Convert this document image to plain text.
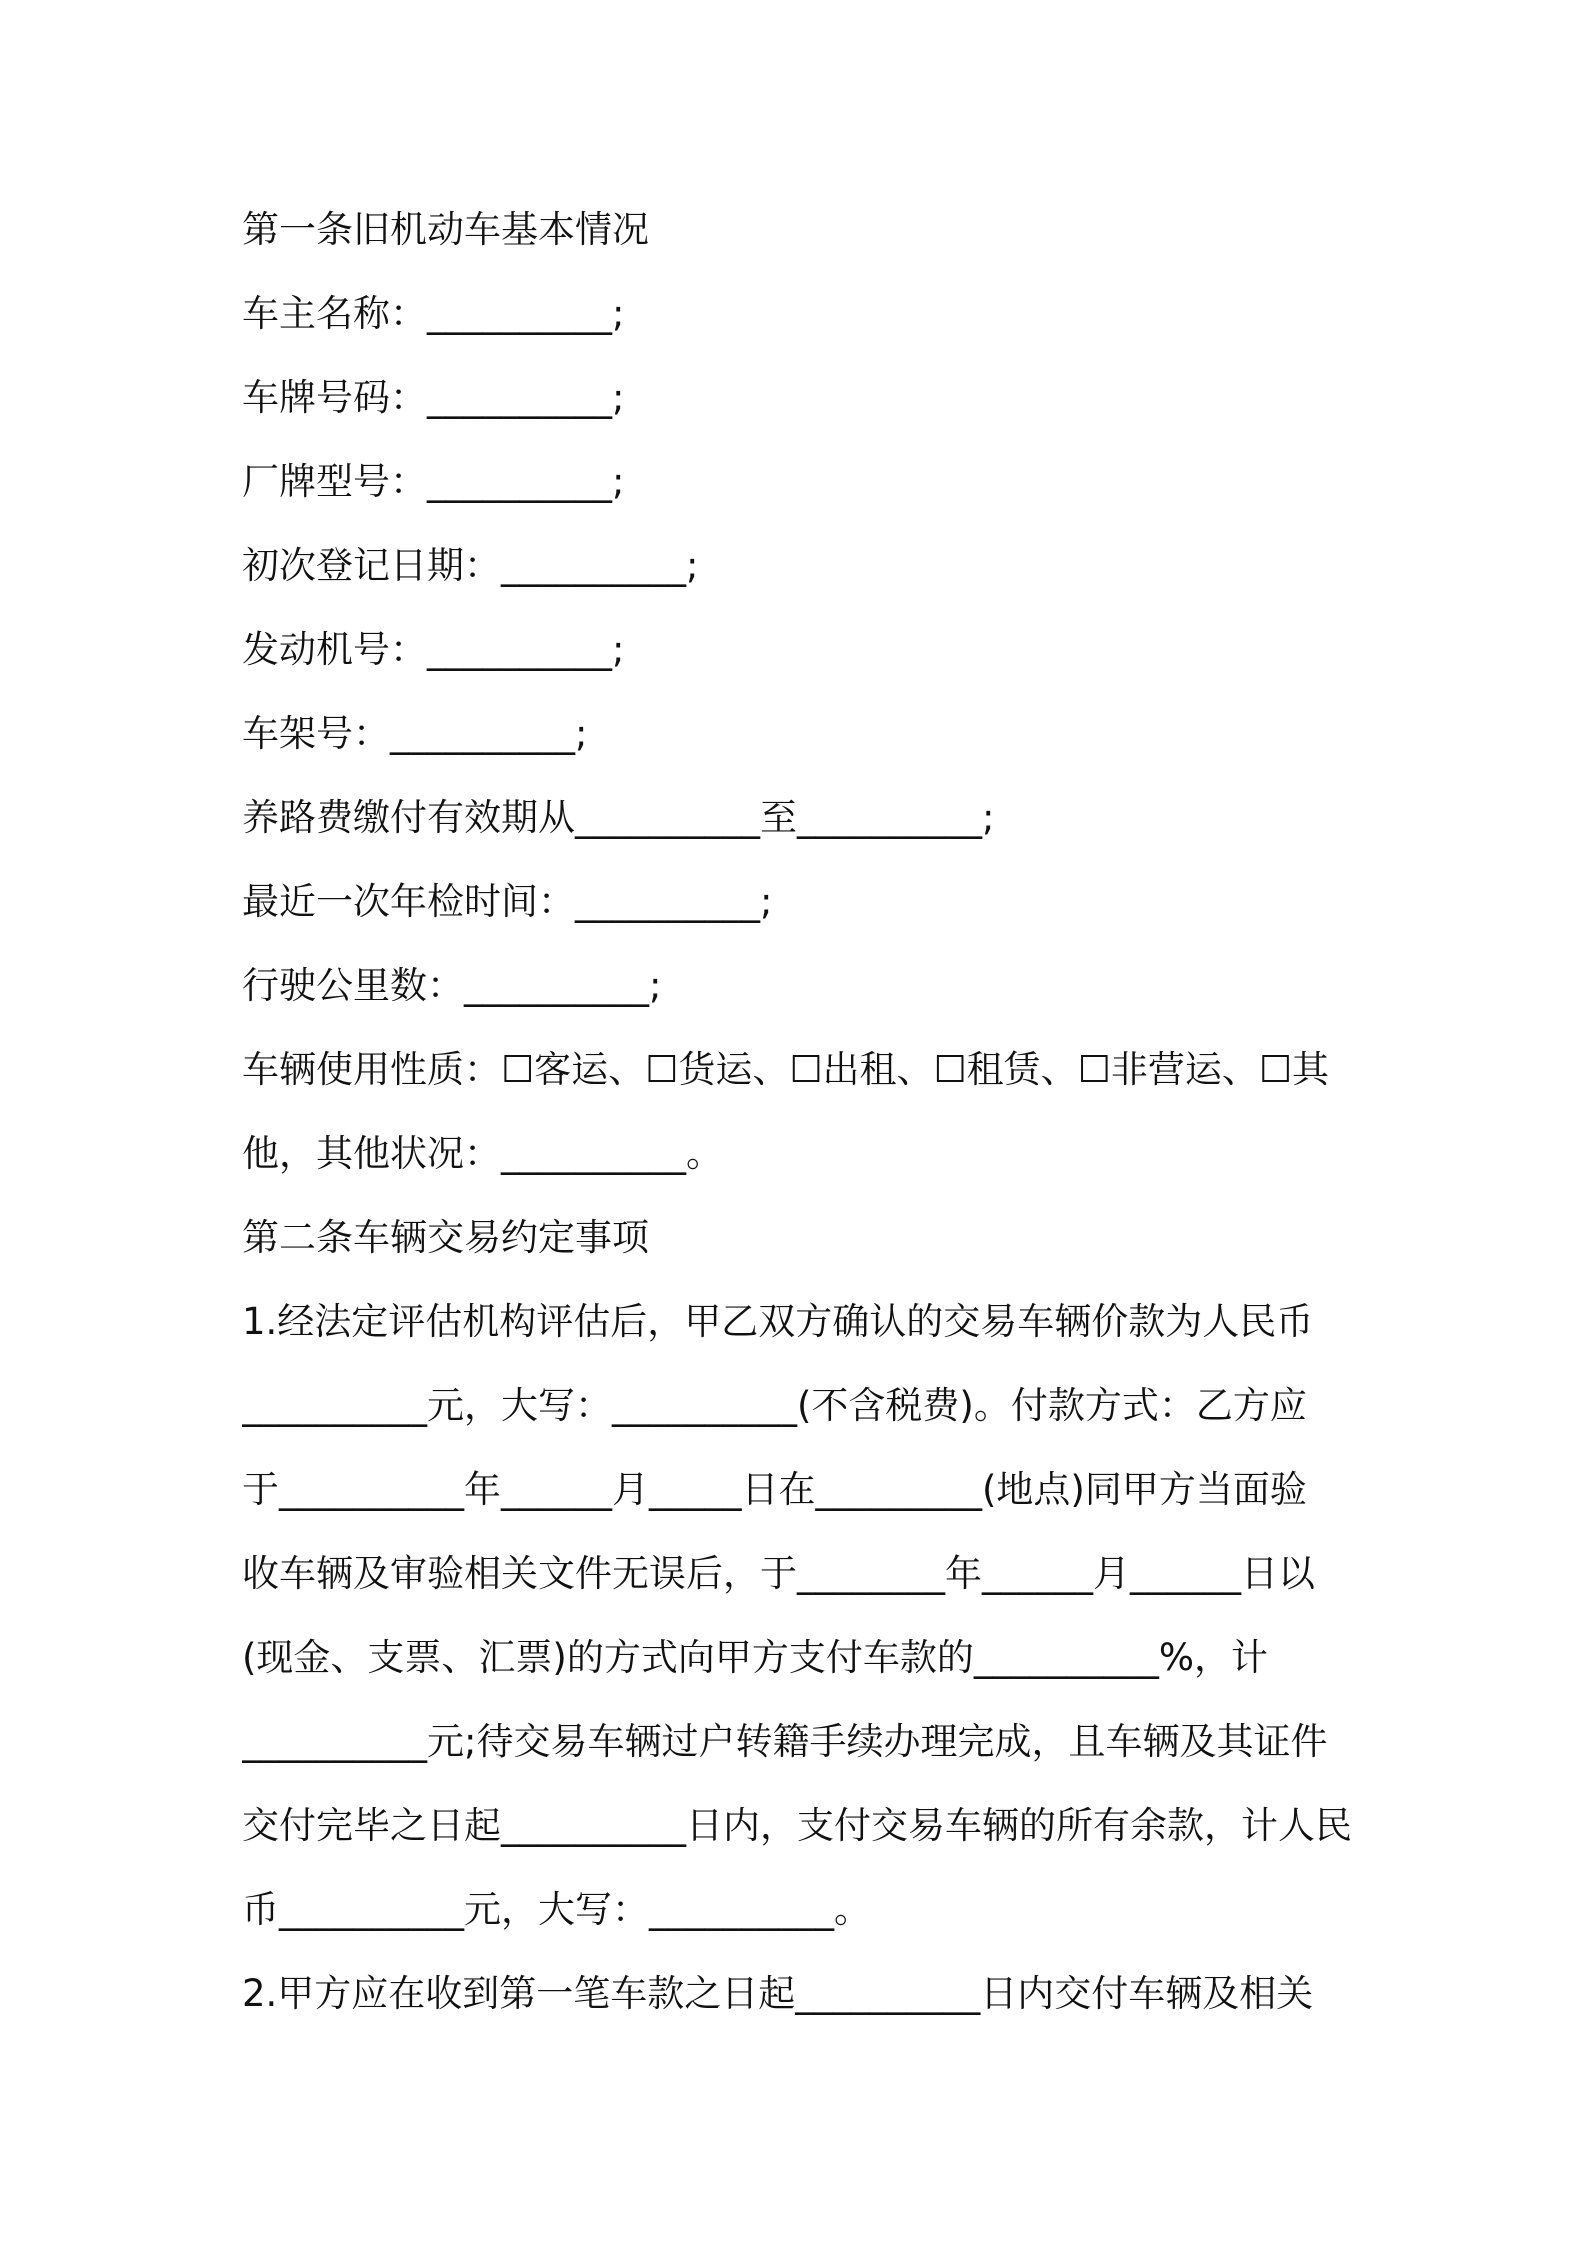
第一条旧机动车基本情况
车主名称：__________;
车牌号码：__________;
厂牌型号：__________;
初次登记日期：__________;
发动机号：__________;
车架号：__________;
养路费缴付有效期从__________至__________;
最近一次年检时间：__________;
行驶公里数：__________;
车辆使用性质：☐客运、☐货运、☐出租、☐租赁、☐非营运、☐其
他，其他状况：__________。
第二条车辆交易约定事项
1.经法定评估机构评估后，甲乙双方确认的交易车辆价款为人民币
__________元，大写：__________(不含税费)。付款方式：乙方应
于__________年______月_____日在_________(地点)同甲方当面验
收车辆及审验相关文件无误后，于________年______月______日以
(现金、支票、汇票)的方式向甲方支付车款的__________%，计
__________元;待交易车辆过户转籍手续办理完成，且车辆及其证件
交付完毕之日起__________日内，支付交易车辆的所有余款，计人民
币__________元，大写：__________。
2.甲方应在收到第一笔车款之日起__________日内交付车辆及相关
